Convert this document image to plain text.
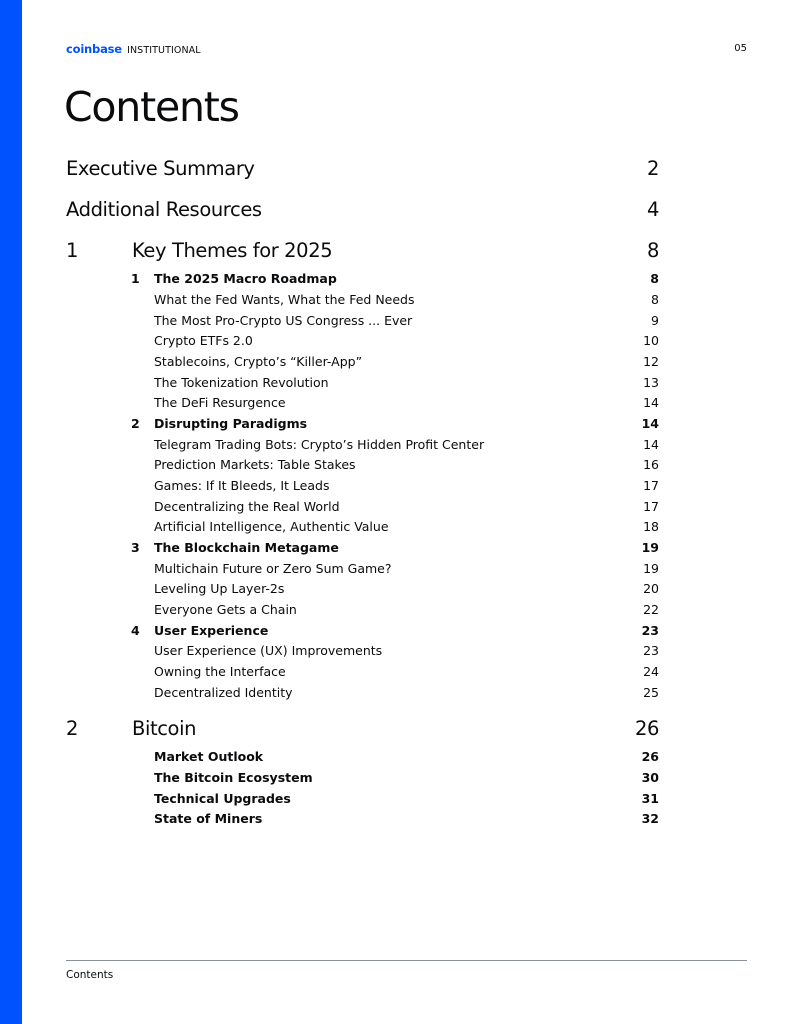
coinbase INSTITUTIONAL	05
Contents
Executive Summary	2
Additional Resources	4
1	Key Themes for 2025	8
1 The 2025 Macro Roadmap	8
What the Fed Wants, What the Fed Needs	8
The Most Pro-Crypto US Congress ... Ever	9
Crypto ETFs 2.0	10
Stablecoins, Crypto’s “Killer-App”	12
The Tokenization Revolution	13
The DeFi Resurgence	14
2 Disrupting Paradigms	14
Telegram Trading Bots: Crypto’s Hidden Profit Center	14
Prediction Markets: Table Stakes	16
Games: If It Bleeds, It Leads	17
Decentralizing the Real World	17
Artificial Intelligence, Authentic Value	18
3 The Blockchain Metagame	19
Multichain Future or Zero Sum Game?	19
Leveling Up Layer-2s	20
Everyone Gets a Chain	22
4 User Experience	23
User Experience (UX) Improvements	23
Owning the Interface	24
Decentralized Identity	25
2	Bitcoin	26
Market Outlook	26
The Bitcoin Ecosystem	30
Technical Upgrades	31
State of Miners	32
Contents
